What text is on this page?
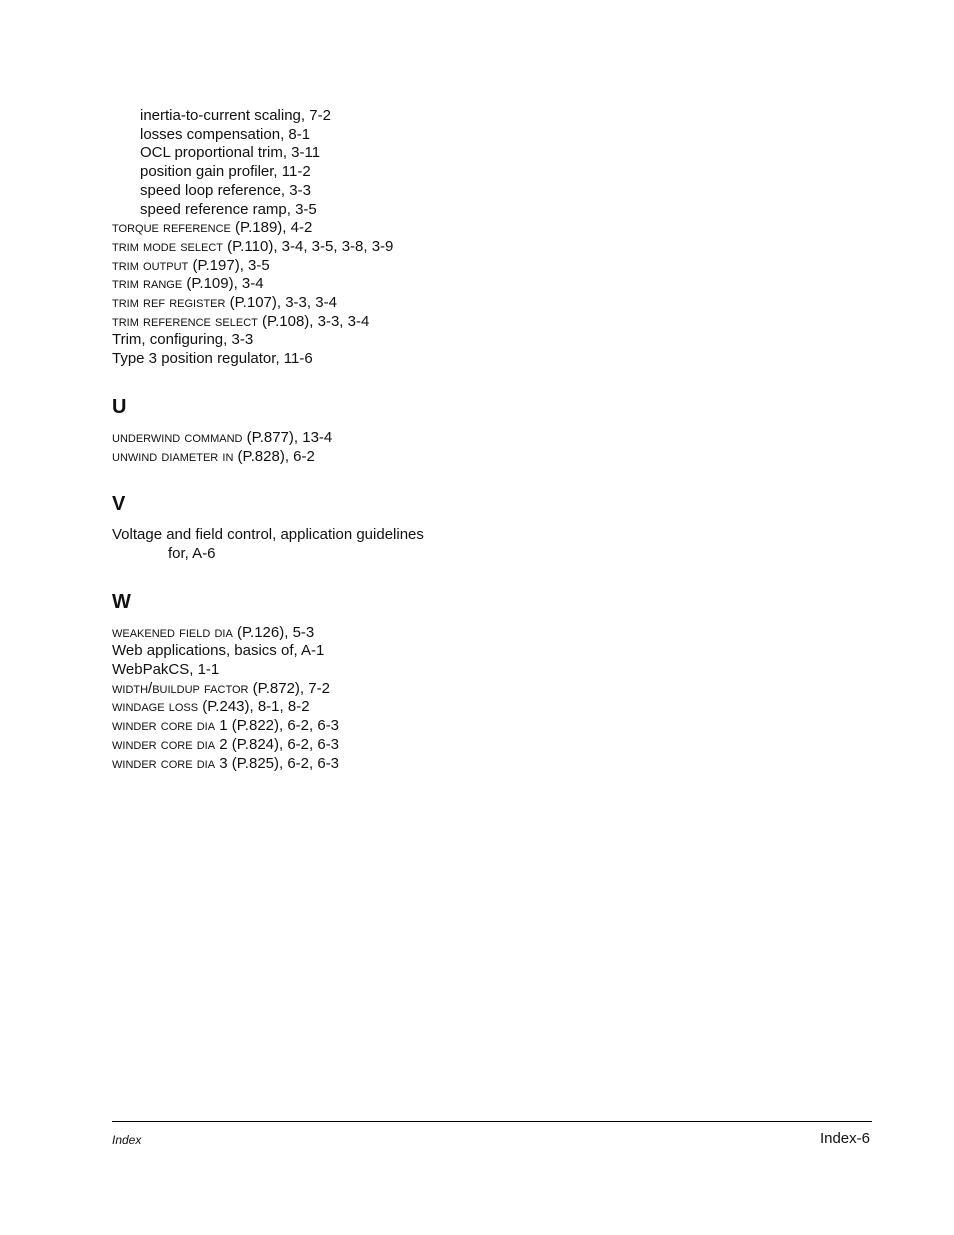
inertia-to-current scaling, 7-2
losses compensation, 8-1
OCL proportional trim, 3-11
position gain profiler, 11-2
speed loop reference, 3-3
speed reference ramp, 3-5
torque reference (P.189), 4-2
trim mode select (P.110), 3-4, 3-5, 3-8, 3-9
trim output (P.197), 3-5
trim range (P.109), 3-4
trim ref register (P.107), 3-3, 3-4
trim reference select (P.108), 3-3, 3-4
Trim, configuring, 3-3
Type 3 position regulator, 11-6
U
underwind command (P.877), 13-4
unwind diameter in (P.828), 6-2
V
Voltage and field control, application guidelines
for, A-6
W
weakened field dia (P.126), 5-3
Web applications, basics of, A-1
WebPakCS, 1-1
width/buildup factor (P.872), 7-2
windage loss (P.243), 8-1, 8-2
winder core dia 1 (P.822), 6-2, 6-3
winder core dia 2 (P.824), 6-2, 6-3
winder core dia 3 (P.825), 6-2, 6-3
Index	Index-6
